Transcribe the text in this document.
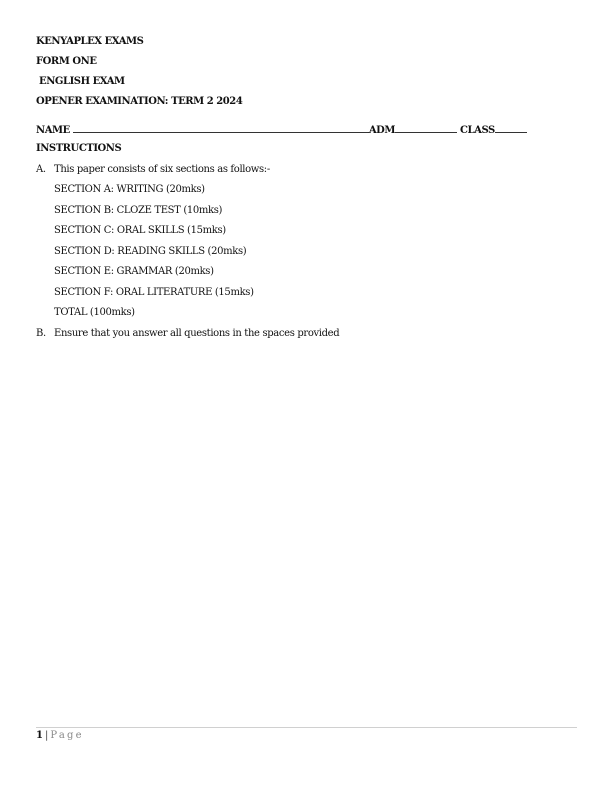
KENYAPLEX EXAMS
FORM ONE
ENGLISH EXAM
OPENER EXAMINATION: TERM 2 2024
NAME	ADM	CLASS
INSTRUCTIONS
A. This paper consists of six sections as follows:-
SECTION A: WRITING (20mks)
SECTION B: CLOZE TEST (10mks)
SECTION C: ORAL SKILLS (15mks)
SECTION D: READING SKILLS (20mks)
SECTION E: GRAMMAR (20mks)
SECTION F: ORAL LITERATURE (15mks)
TOTAL (100mks)
B. Ensure that you answer all questions in the spaces provided
1 | Page
